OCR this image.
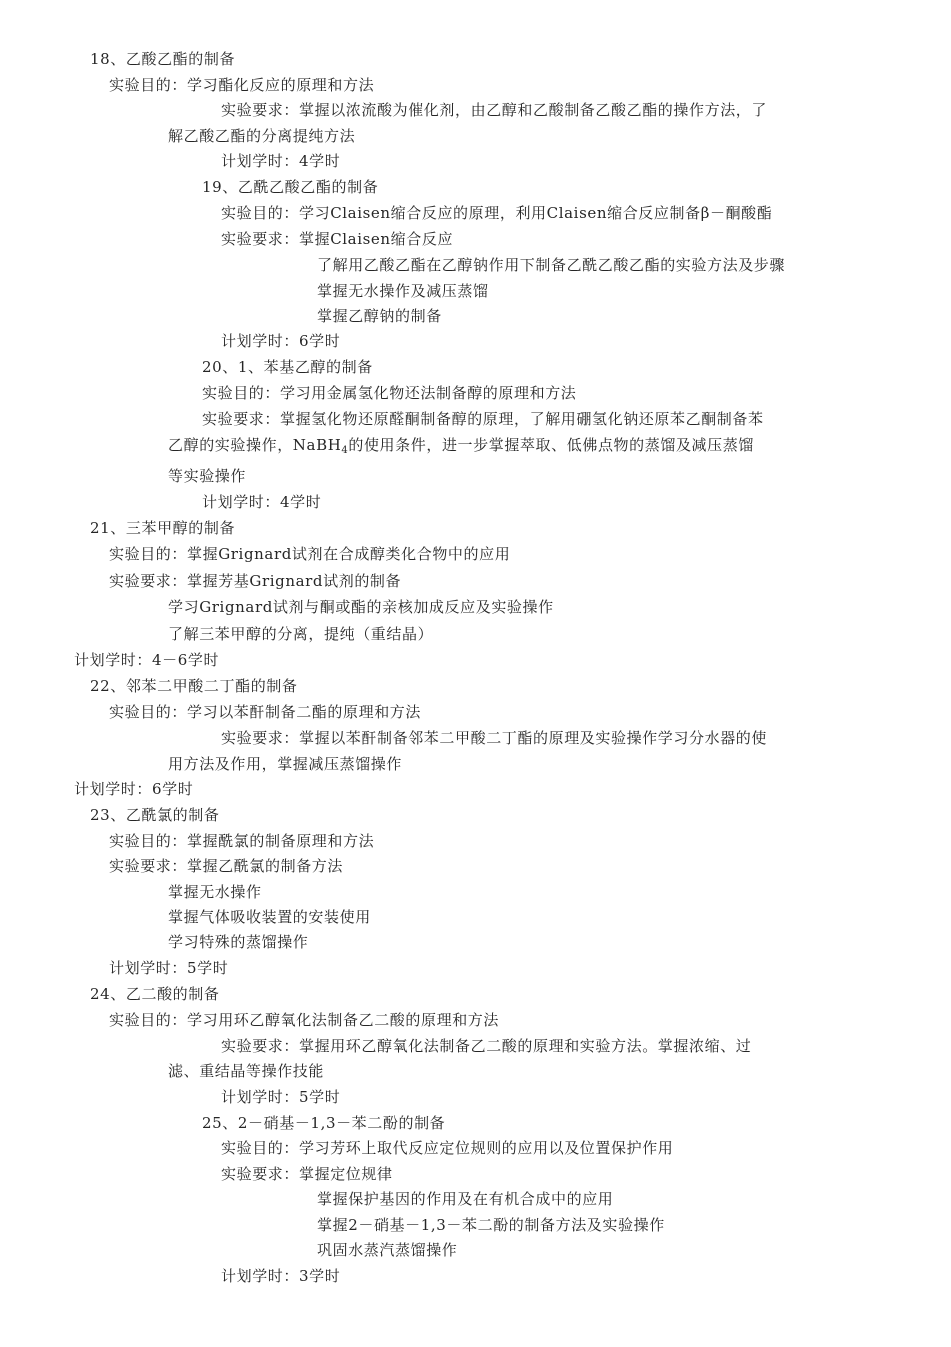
18、乙酸乙酯的制备
实验目的：学习酯化反应的原理和方法
实验要求：掌握以浓流酸为催化剂，由乙醇和乙酸制备乙酸乙酯的操作方法，了
解乙酸乙酯的分离提纯方法
计划学时：4学时
19、乙酰乙酸乙酯的制备
实验目的：学习Claisen缩合反应的原理，利用Claisen缩合反应制备β－酮酸酯
实验要求：掌握Claisen缩合反应
了解用乙酸乙酯在乙醇钠作用下制备乙酰乙酸乙酯的实验方法及步骤
掌握无水操作及减压蒸馏
掌握乙醇钠的制备
计划学时：6学时
20、1、苯基乙醇的制备
实验目的：学习用金属氢化物还法制备醇的原理和方法
实验要求：掌握氢化物还原醛酮制备醇的原理，了解用硼氢化钠还原苯乙酮制备苯
乙醇的实验操作，NaBH$_4$的使用条件，进一步掌握萃取、低佛点物的蒸馏及减压蒸馏
等实验操作
计划学时：4学时
21、三苯甲醇的制备
实验目的：掌握Grignard试剂在合成醇类化合物中的应用
实验要求：掌握芳基Grignard试剂的制备
学习Grignard试剂与酮或酯的亲核加成反应及实验操作
了解三苯甲醇的分离，提纯（重结晶）
计划学时：4－6学时
22、邻苯二甲酸二丁酯的制备
实验目的：学习以苯酐制备二酯的原理和方法
实验要求：掌握以苯酐制备邻苯二甲酸二丁酯的原理及实验操作学习分水器的使
用方法及作用，掌握减压蒸馏操作
计划学时：6学时
23、乙酰氯的制备
实验目的：掌握酰氯的制备原理和方法
实验要求：掌握乙酰氯的制备方法
掌握无水操作
掌握气体吸收装置的安装使用
学习特殊的蒸馏操作
计划学时：5学时
24、乙二酸的制备
实验目的：学习用环乙醇氧化法制备乙二酸的原理和方法
实验要求：掌握用环乙醇氧化法制备乙二酸的原理和实验方法。掌握浓缩、过
滤、重结晶等操作技能
计划学时：5学时
25、2－硝基－1,3－苯二酚的制备
实验目的：学习芳环上取代反应定位规则的应用以及位置保护作用
实验要求：掌握定位规律
掌握保护基因的作用及在有机合成中的应用
掌握2－硝基－1,3－苯二酚的制备方法及实验操作
巩固水蒸汽蒸馏操作
计划学时：3学时
